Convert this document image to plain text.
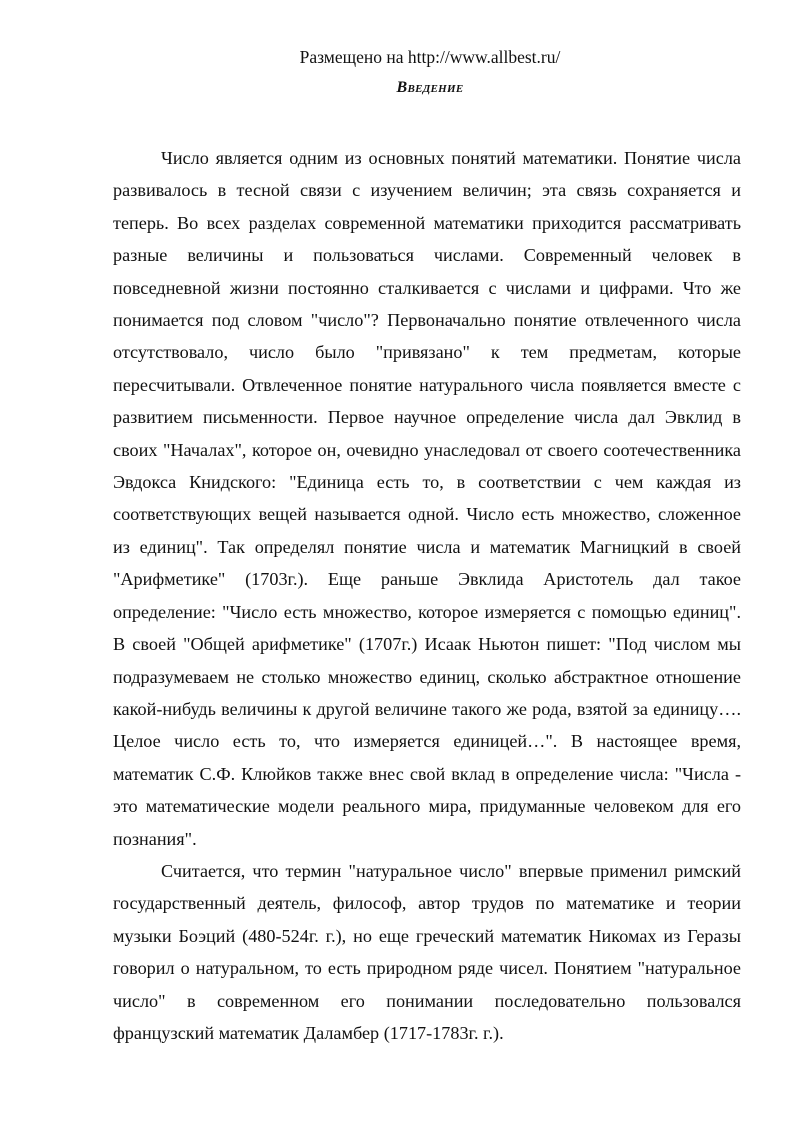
Размещено на http://www.allbest.ru/
Введение

Число является одним из основных понятий математики. Понятие числа развивалось в тесной связи с изучением величин; эта связь сохраняется и теперь. Во всех разделах современной математики приходится рассматривать разные величины и пользоваться числами. Современный человек в повседневной жизни постоянно сталкивается с числами и цифрами. Что же понимается под словом "число"? Первоначально понятие отвлеченного числа отсутствовало, число было "привязано" к тем предметам, которые пересчитывали. Отвлеченное понятие натурального числа появляется вместе с развитием письменности. Первое научное определение числа дал Эвклид в своих "Началах", которое он, очевидно унаследовал от своего соотечественника Эвдокса Книдского: "Единица есть то, в соответствии с чем каждая из соответствующих вещей называется одной. Число есть множество, сложенное из единиц". Так определял понятие числа и математик Магницкий в своей "Арифметике" (1703г.). Еще раньше Эвклида Аристотель дал такое определение: "Число есть множество, которое измеряется с помощью единиц". В своей "Общей арифметике" (1707г.) Исаак Ньютон пишет: "Под числом мы подразумеваем не столько множество единиц, сколько абстрактное отношение какой-нибудь величины к другой величине такого же рода, взятой за единицу…. Целое число есть то, что измеряется единицей…". В настоящее время, математик С.Ф. Клюйков также внес свой вклад в определение числа: "Числа - это математические модели реального мира, придуманные человеком для его познания".

Считается, что термин "натуральное число" впервые применил римский государственный деятель, философ, автор трудов по математике и теории музыки Боэций (480-524г. г.), но еще греческий математик Никомах из Геразы говорил о натуральном, то есть природном ряде чисел. Понятием "натуральное число" в современном его понимании последовательно пользовался французский математик Даламбер (1717-1783г. г.).
